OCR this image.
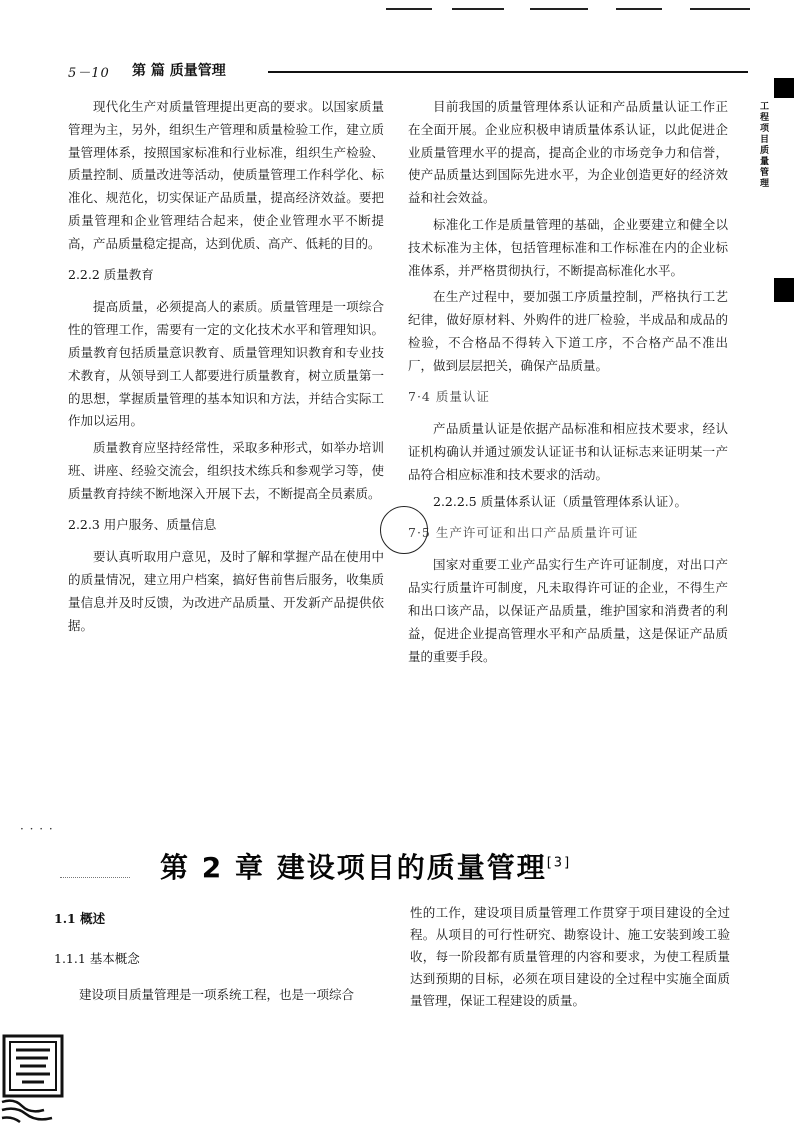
5－10 第 篇 质量管理
工
程
项
目
质
量
管
理

现代化生产对质量管理提出更高的要求。以国家质量管理为主，另外，组织生产管理和质量检验工作，建立质量管理体系，按照国家标准和行业标准，组织生产检验、质量控制、质量改进等活动，使质量管理工作科学化、标准化、规范化，切实保证产品质量，提高经济效益。要把质量管理和企业管理结合起来，使企业管理水平不断提高，产品质量稳定提高，达到优质、高产、低耗的目的。

2.2.2 质量教育

提高质量，必须提高人的素质。质量管理是一项综合性的管理工作，需要有一定的文化技术水平和管理知识。质量教育包括质量意识教育、质量管理知识教育和专业技术教育，从领导到工人都要进行质量教育，树立质量第一的思想，掌握质量管理的基本知识和方法，并结合实际工作加以运用。

质量教育应坚持经常性，采取多种形式，如举办培训班、讲座、经验交流会，组织技术练兵和参观学习等，使质量教育持续不断地深入开展下去，不断提高全员素质。

2.2.3 用户服务、质量信息

要认真听取用户意见，及时了解和掌握产品在使用中的质量情况，建立用户档案，搞好售前售后服务，收集质量信息并及时反馈，为改进产品质量、开发新产品提供依据。

目前我国的质量管理体系认证和产品质量认证工作正在全面开展。企业应积极申请质量体系认证，以此促进企业质量管理水平的提高，提高企业的市场竞争力和信誉，使产品质量达到国际先进水平，为企业创造更好的经济效益和社会效益。

标准化工作是质量管理的基础，企业要建立和健全以技术标准为主体，包括管理标准和工作标准在内的企业标准体系，并严格贯彻执行，不断提高标准化水平。

在生产过程中，要加强工序质量控制，严格执行工艺纪律，做好原材料、外购件的进厂检验，半成品和成品的检验，不合格品不得转入下道工序，不合格产品不准出厂，做到层层把关，确保产品质量。

7·4 质量认证

产品质量认证是依据产品标准和相应技术要求，经认证机构确认并通过颁发认证证书和认证标志来证明某一产品符合相应标准和技术要求的活动。

2.2.2.5 质量体系认证（质量管理体系认证）。

7·5 生产许可证和出口产品质量许可证

国家对重要工业产品实行生产许可证制度，对出口产品实行质量许可制度，凡未取得许可证的企业，不得生产和出口该产品，以保证产品质量，维护国家和消费者的利益，促进企业提高管理水平和产品质量，这是保证产品质量的重要手段。

· · · ·
第 2 章 建设项目的质量管理[3]

1.1 概述

1.1.1 基本概念

建设项目质量管理是一项系统工程，也是一项综合

性的工作，建设项目质量管理工作贯穿于项目建设的全过程。从项目的可行性研究、勘察设计、施工安装到竣工验收，每一阶段都有质量管理的内容和要求，为使工程质量达到预期的目标，必须在项目建设的全过程中实施全面质量管理，保证工程建设的质量。
